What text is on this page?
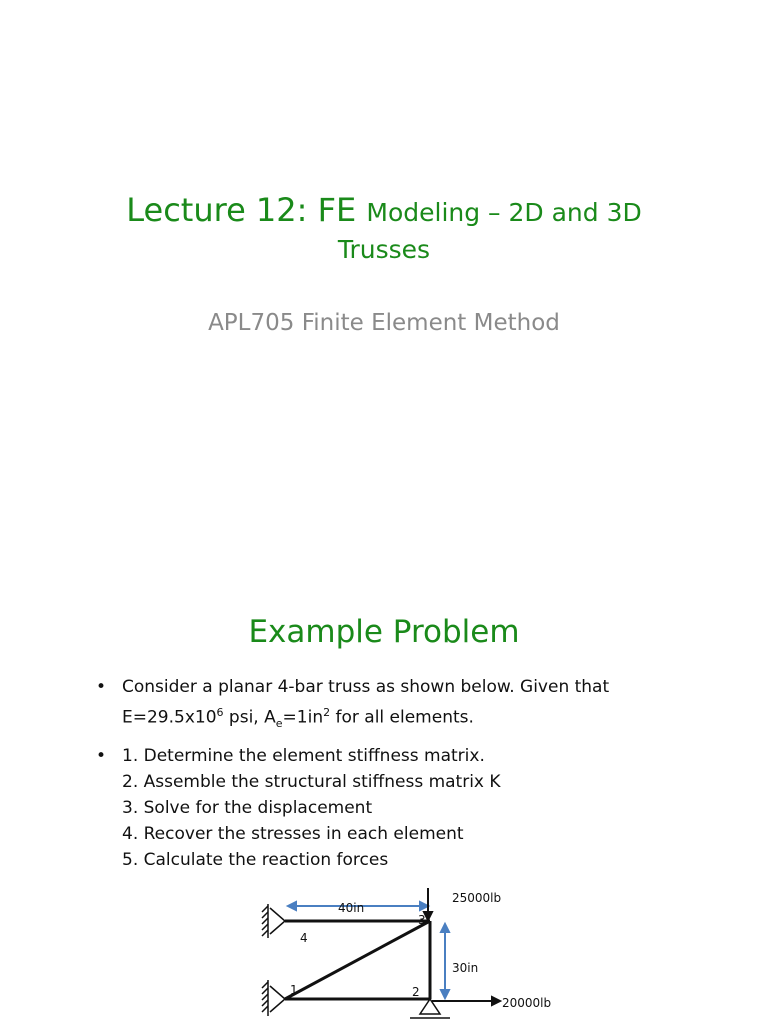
Lecture 12: FE Modeling – 2D and 3D
Trusses
APL705 Finite Element Method
Example Problem
• Consider a planar 4-bar truss as shown below. Given that
$E=29.5x10^6$ psi, $A_e=1in^2$ for all elements.
• 1. Determine the element stiffness matrix.
2. Assemble the structural stiffness matrix K
3. Solve for the displacement
4. Recover the stresses in each element
5. Calculate the reaction forces
40in
30in
25000lb
20000lb
1	2
3
4
